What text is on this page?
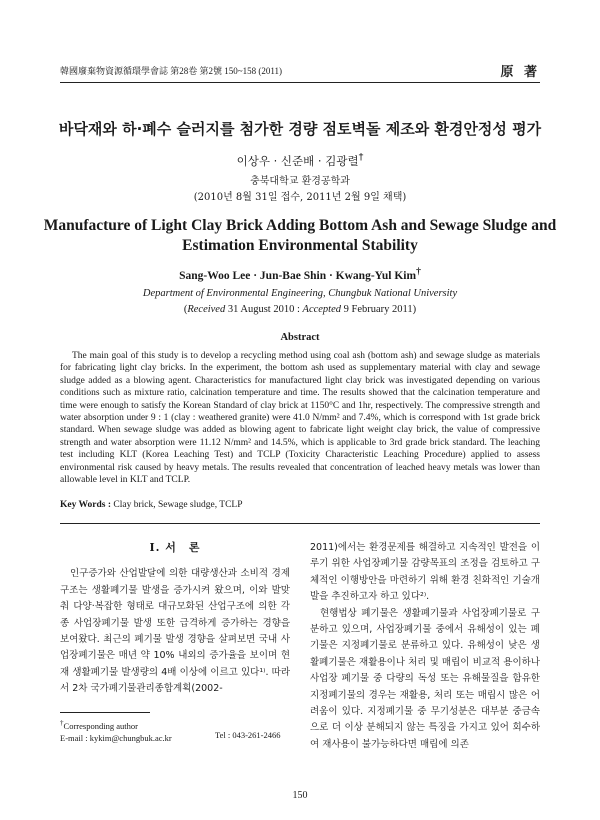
韓國廢棄物資源循環學會誌 第28卷 第2號 150~158 (2011)	原 著
바닥재와 하·폐수 슬러지를 첨가한 경량 점토벽돌 제조와 환경안정성 평가
이상우 · 신준배 · 김광렬†
충북대학교 환경공학과
(2010년 8월 31일 접수, 2011년 2월 9일 채택)
Manufacture of Light Clay Brick Adding Bottom Ash and Sewage Sludge and Estimation Environmental Stability
Sang-Woo Lee · Jun-Bae Shin · Kwang-Yul Kim†
Department of Environmental Engineering, Chungbuk National University
(Received 31 August 2010 : Accepted 9 February 2011)
Abstract

The main goal of this study is to develop a recycling method using coal ash (bottom ash) and sewage sludge as materials for fabricating light clay bricks. In the experiment, the bottom ash used as supplementary material with clay and sewage sludge added as a blowing agent. Characteristics for manufactured light clay brick was investigated depending on various conditions such as mixture ratio, calcination temperature and time. The results showed that the calcination temperature and time were enough to satisfy the Korean Standard of clay brick at 1150°C and 1hr, respectively. The compressive strength and water absorption under 9 : 1 (clay : weathered granite) were 41.0 N/mm² and 7.4%, which is correspond with 1st grade brick standard. When sewage sludge was added as blowing agent to fabricate light weight clay brick, the value of compressive strength and water absorption were 11.12 N/mm² and 14.5%, which is applicable to 3rd grade brick standard. The leaching test including KLT (Korea Leaching Test) and TCLP (Toxicity Characteristic Leaching Procedure) applied to assess environmental risk caused by heavy metals. The results revealed that concentration of leached heavy metals was lower than allowable level in KLT and TCLP.

Key Words : Clay brick, Sewage sludge, TCLP
I. 서　론

인구증가와 산업발달에 의한 대량생산과 소비적 경제구조는 생활폐기물 발생을 증가시켜 왔으며, 이와 발맞춰 다양·복잡한 형태로 대규모화된 산업구조에 의한 각종 사업장폐기물 발생 또한 급격하게 증가하는 경향을 보여왔다. 최근의 폐기물 발생 경향을 살펴보면 국내 사업장폐기물은 매년 약 10% 내외의 증가율을 보이며 현재 생활폐기물 발생량의 4배 이상에 이르고 있다¹⁾. 따라서 2차 국가폐기물관리종합계획(2002-

2011)에서는 환경문제를 해결하고 지속적인 발전을 이루기 위한 사업장폐기물 감량목표의 조정을 검토하고 구체적인 이행방안을 마련하기 위해 환경 친화적인 기술개발을 추진하고자 하고 있다²⁾.

현행법상 폐기물은 생활폐기물과 사업장폐기물로 구분하고 있으며, 사업장폐기물 중에서 유해성이 있는 폐기물은 지정폐기물로 분류하고 있다. 유해성이 낮은 생활폐기물은 재활용이나 처리 및 매립이 비교적 용이하나 사업장 폐기물 중 다량의 독성 또는 유해물질을 함유한 지정폐기물의 경우는 재활용, 처리 또는 매립시 많은 어려움이 있다. 지정폐기물 중 무기성분은 대부분 중금속으로 더 이상 분해되지 않는 특징을 가지고 있어 회수하여 재사용이 불가능하다면 매립에 의존

†Corresponding author
E-mail : kykim@chungbuk.ac.kr	Tel : 043-261-2466
150
